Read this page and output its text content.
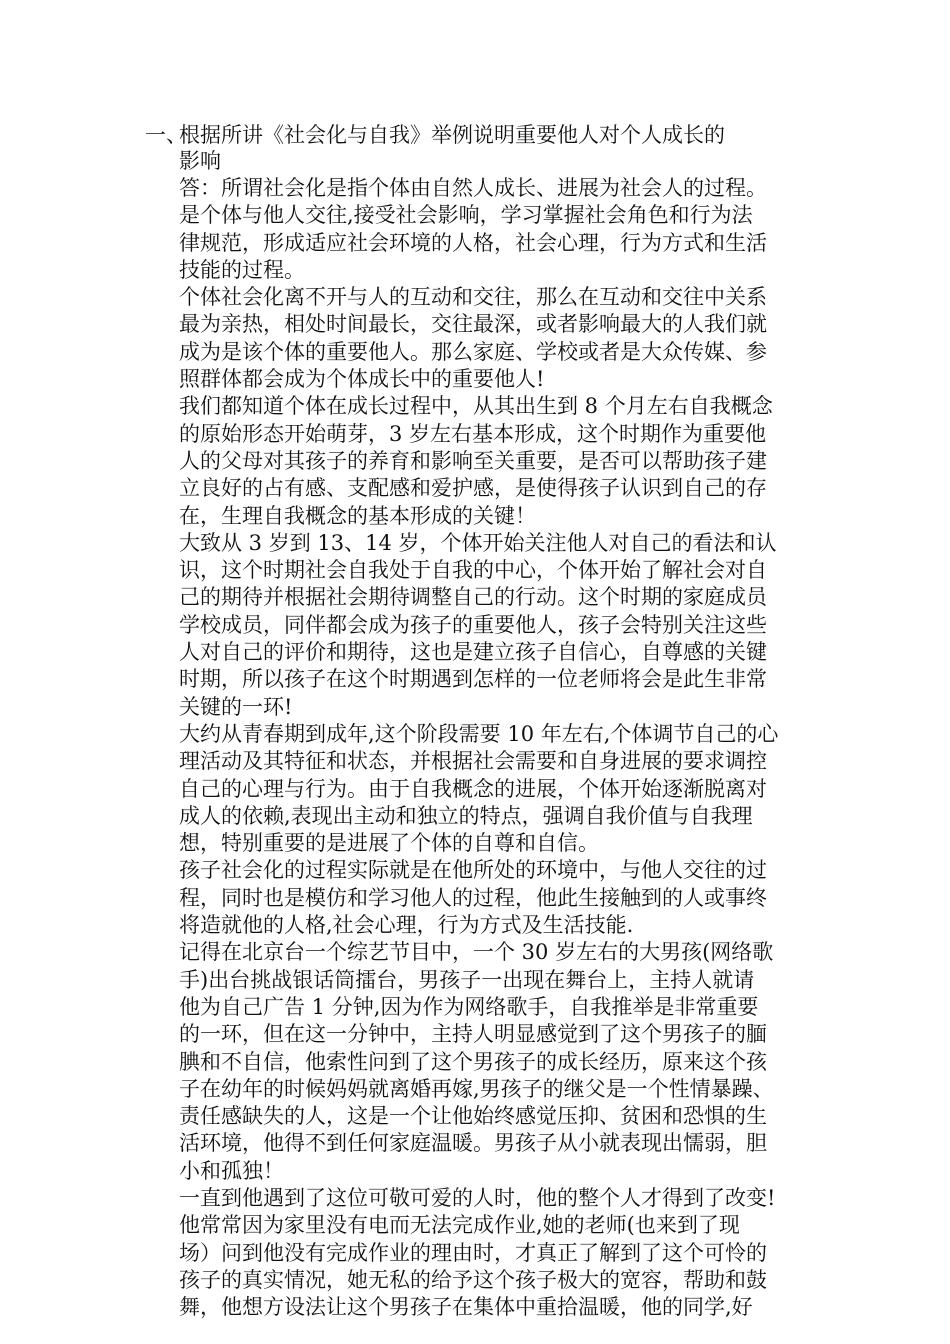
一、
根据所讲《社会化与自我》举例说明重要他人对个人成长的
影响

答：所谓社会化是指个体由自然人成长、进展为社会人的过程。
是个体与他人交往,接受社会影响，学习掌握社会角色和行为法
律规范，形成适应社会环境的人格，社会心理，行为方式和生活
技能的过程。

个体社会化离不开与人的互动和交往，那么在互动和交往中关系
最为亲热，相处时间最长，交往最深，或者影响最大的人我们就
成为是该个体的重要他人。那么家庭、学校或者是大众传媒、参
照群体都会成为个体成长中的重要他人!

我们都知道个体在成长过程中，从其出生到 8 个月左右自我概念
的原始形态开始萌芽，3 岁左右基本形成，这个时期作为重要他
人的父母对其孩子的养育和影响至关重要，是否可以帮助孩子建
立良好的占有感、支配感和爱护感，是使得孩子认识到自己的存
在，生理自我概念的基本形成的关键！

大致从 3 岁到 13、14 岁，个体开始关注他人对自己的看法和认
识，这个时期社会自我处于自我的中心，个体开始了解社会对自
己的期待并根据社会期待调整自己的行动。这个时期的家庭成员
学校成员，同伴都会成为孩子的重要他人，孩子会特别关注这些
人对自己的评价和期待，这也是建立孩子自信心，自尊感的关键
时期，所以孩子在这个时期遇到怎样的一位老师将会是此生非常
关键的一环!

大约从青春期到成年,这个阶段需要 10 年左右,个体调节自己的心
理活动及其特征和状态，并根据社会需要和自身进展的要求调控
自己的心理与行为。由于自我概念的进展，个体开始逐渐脱离对
成人的依赖,表现出主动和独立的特点，强调自我价值与自我理
想，特别重要的是进展了个体的自尊和自信。

孩子社会化的过程实际就是在他所处的环境中，与他人交往的过
程，同时也是模仿和学习他人的过程，他此生接触到的人或事终
将造就他的人格,社会心理，行为方式及生活技能.

记得在北京台一个综艺节目中，一个 30 岁左右的大男孩(网络歌
手)出台挑战银话筒擂台，男孩子一出现在舞台上，主持人就请
他为自己广告 1 分钟,因为作为网络歌手，自我推举是非常重要
的一环，但在这一分钟中，主持人明显感觉到了这个男孩子的腼
腆和不自信，他索性问到了这个男孩子的成长经历，原来这个孩
子在幼年的时候妈妈就离婚再嫁,男孩子的继父是一个性情暴躁、
责任感缺失的人，这是一个让他始终感觉压抑、贫困和恐惧的生
活环境，他得不到任何家庭温暖。男孩子从小就表现出懦弱，胆
小和孤独！

一直到他遇到了这位可敬可爱的人时，他的整个人才得到了改变!
他常常因为家里没有电而无法完成作业,她的老师(也来到了现
场）问到他没有完成作业的理由时，才真正了解到了这个可怜的
孩子的真实情况，她无私的给予这个孩子极大的宽容，帮助和鼓
舞，他想方设法让这个男孩子在集体中重拾温暖，他的同学,好
